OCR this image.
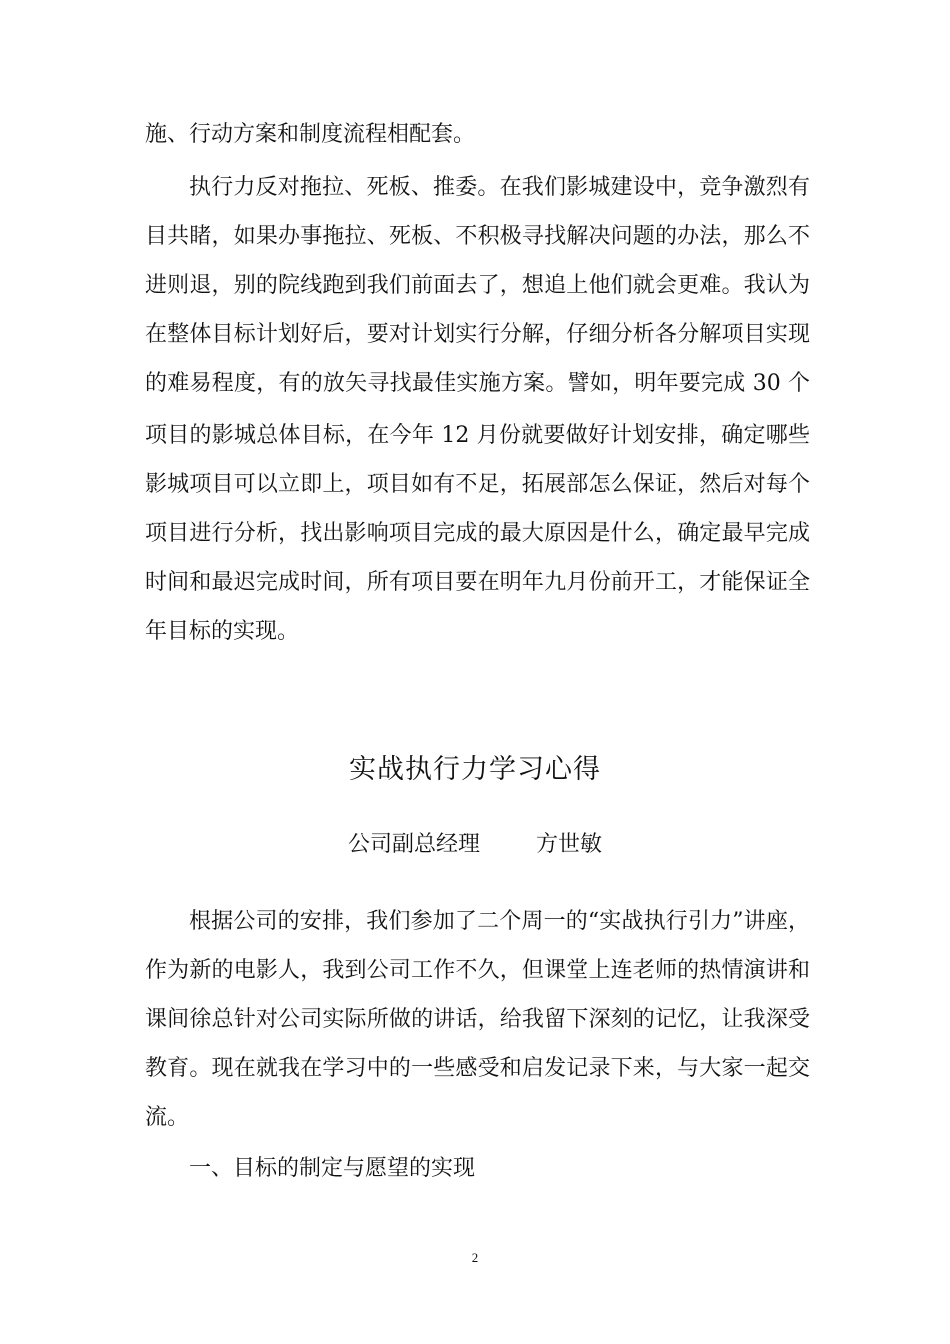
施、行动方案和制度流程相配套。
执行力反对拖拉、死板、推委。在我们影城建设中，竞争激烈有
目共睹，如果办事拖拉、死板、不积极寻找解决问题的办法，那么不
进则退，别的院线跑到我们前面去了，想追上他们就会更难。我认为
在整体目标计划好后，要对计划实行分解，仔细分析各分解项目实现
的难易程度，有的放矢寻找最佳实施方案。譬如，明年要完成 30 个
项目的影城总体目标，在今年 12 月份就要做好计划安排，确定哪些
影城项目可以立即上，项目如有不足，拓展部怎么保证，然后对每个
项目进行分析，找出影响项目完成的最大原因是什么，确定最早完成
时间和最迟完成时间，所有项目要在明年九月份前开工，才能保证全
年目标的实现。
实战执行力学习心得
公司副总经理        方世敏
根据公司的安排，我们参加了二个周一的“实战执行引力”讲座，
作为新的电影人，我到公司工作不久，但课堂上连老师的热情演讲和
课间徐总针对公司实际所做的讲话，给我留下深刻的记忆，让我深受
教育。现在就我在学习中的一些感受和启发记录下来，与大家一起交
流。
一、目标的制定与愿望的实现
2
